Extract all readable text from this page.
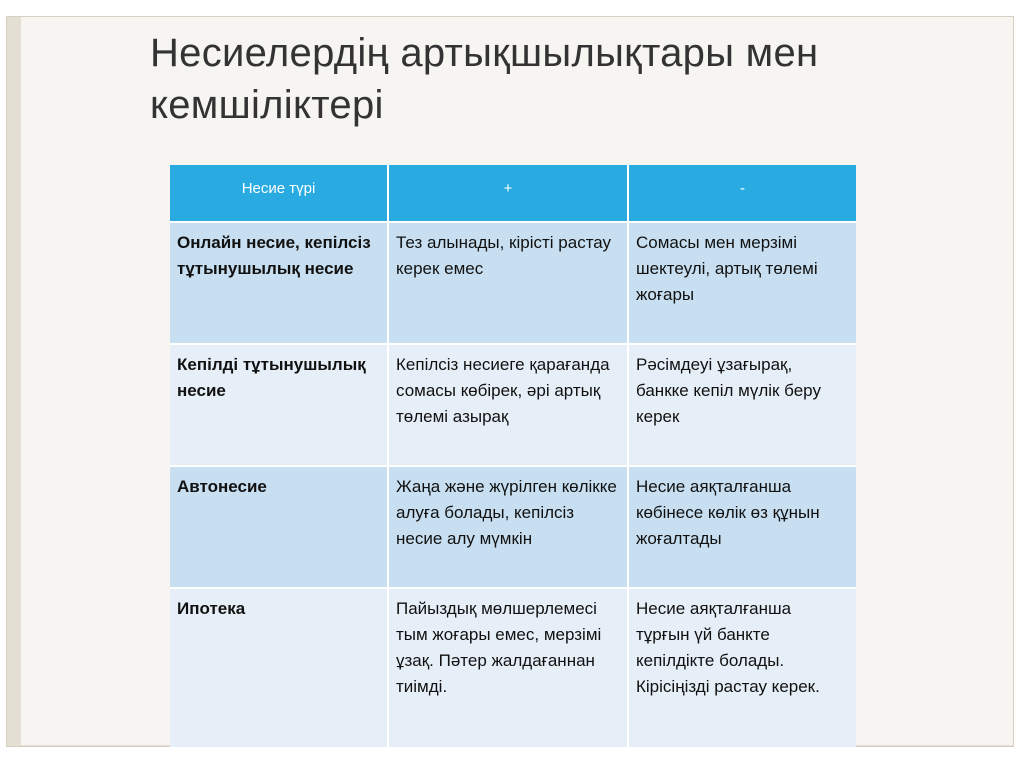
Несиелердің артықшылықтары мен кемшіліктері
Несие түрі	+	-
Онлайн несие, кепілсіз тұтынушылық несие	Тез алынады, кірісті растау керек емес	Сомасы мен мерзімі шектеулі, артық төлемі жоғары
Кепілді тұтынушылық несие	Кепілсіз несиеге қарағанда сомасы көбірек, әрі артық төлемі азырақ	Рәсімдеуі ұзағырақ, банкке кепіл мүлік беру керек
Автонесие	Жаңа және жүрілген көлікке алуға болады, кепілсіз несие алу мүмкін	Несие аяқталғанша көбінесе көлік өз құнын жоғалтады
Ипотека	Пайыздық мөлшерлемесі тым жоғары емес, мерзімі ұзақ. Пәтер жалдағаннан тиімді.	Несие аяқталғанша тұрғын үй банкте кепілдікте болады. Кірісіңізді растау керек.
